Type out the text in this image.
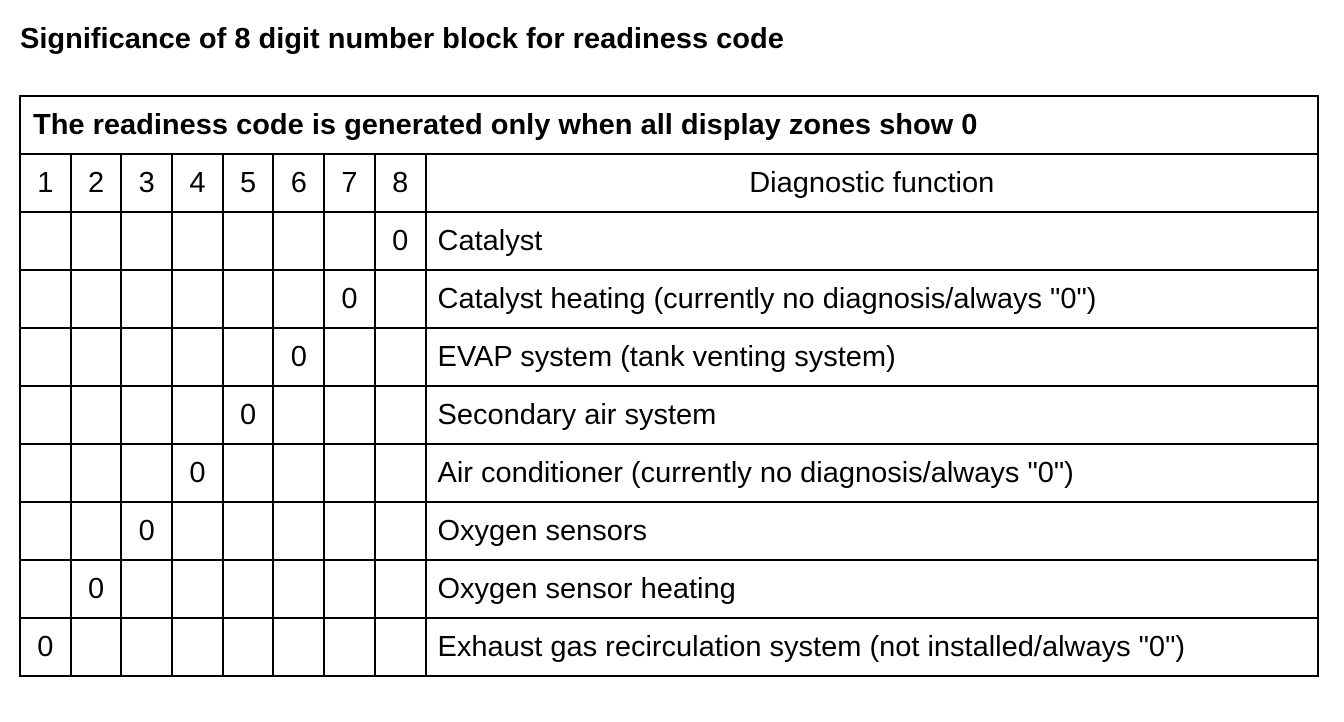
Significance of 8 digit number block for readiness code
The readiness code is generated only when all display zones show 0								
1	2	3	4	5	6	7	8	Diagnostic function
							0	Catalyst
						0		Catalyst heating (currently no diagnosis/always "0")
					0			EVAP system (tank venting system)
				0				Secondary air system
			0					Air conditioner (currently no diagnosis/always "0")
		0						Oxygen sensors
	0							Oxygen sensor heating
0								Exhaust gas recirculation system (not installed/always "0")
